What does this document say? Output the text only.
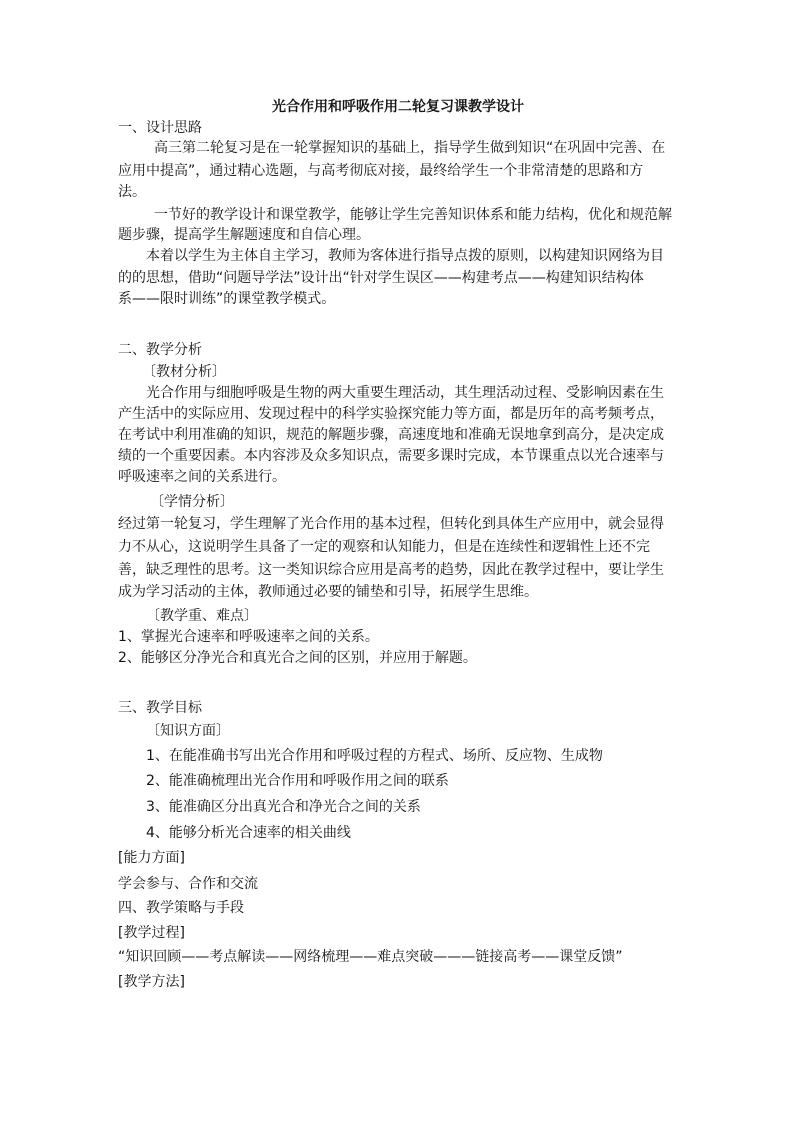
光合作用和呼吸作用二轮复习课教学设计

一、设计思路

高三第二轮复习是在一轮掌握知识的基础上，指导学生做到知识“在巩固中完善、在

应用中提高”，通过精心选题，与高考彻底对接，最终给学生一个非常清楚的思路和方

法。

一节好的教学设计和课堂教学，能够让学生完善知识体系和能力结构，优化和规范解

题步骤，提高学生解题速度和自信心理。

本着以学生为主体自主学习，教师为客体进行指导点拨的原则，以构建知识网络为目

的的思想，借助“问题导学法”设计出“针对学生误区——构建考点——构建知识结构体

系——限时训练”的课堂教学模式。

二、教学分析

〔教材分析〕

光合作用与细胞呼吸是生物的两大重要生理活动，其生理活动过程、受影响因素在生

产生活中的实际应用、发现过程中的科学实验探究能力等方面，都是历年的高考频考点，

在考试中利用准确的知识，规范的解题步骤，高速度地和准确无误地拿到高分，是决定成

绩的一个重要因素。本内容涉及众多知识点，需要多课时完成，本节课重点以光合速率与

呼吸速率之间的关系进行。

〔学情分析〕

经过第一轮复习，学生理解了光合作用的基本过程，但转化到具体生产应用中，就会显得

力不从心，这说明学生具备了一定的观察和认知能力，但是在连续性和逻辑性上还不完

善，缺乏理性的思考。这一类知识综合应用是高考的趋势，因此在教学过程中，要让学生

成为学习活动的主体，教师通过必要的铺垫和引导，拓展学生思维。

〔教学重、难点〕

1、掌握光合速率和呼吸速率之间的关系。

2、能够区分净光合和真光合之间的区别，并应用于解题。

三、教学目标

〔知识方面〕

1、在能准确书写出光合作用和呼吸过程的方程式、场所、反应物、生成物

2、能准确梳理出光合作用和呼吸作用之间的联系

3、能准确区分出真光合和净光合之间的关系

4、能够分析光合速率的相关曲线

[能力方面]

学会参与、合作和交流

四、教学策略与手段

[教学过程]

“知识回顾——考点解读——网络梳理——难点突破———链接高考——课堂反馈”

[教学方法]
